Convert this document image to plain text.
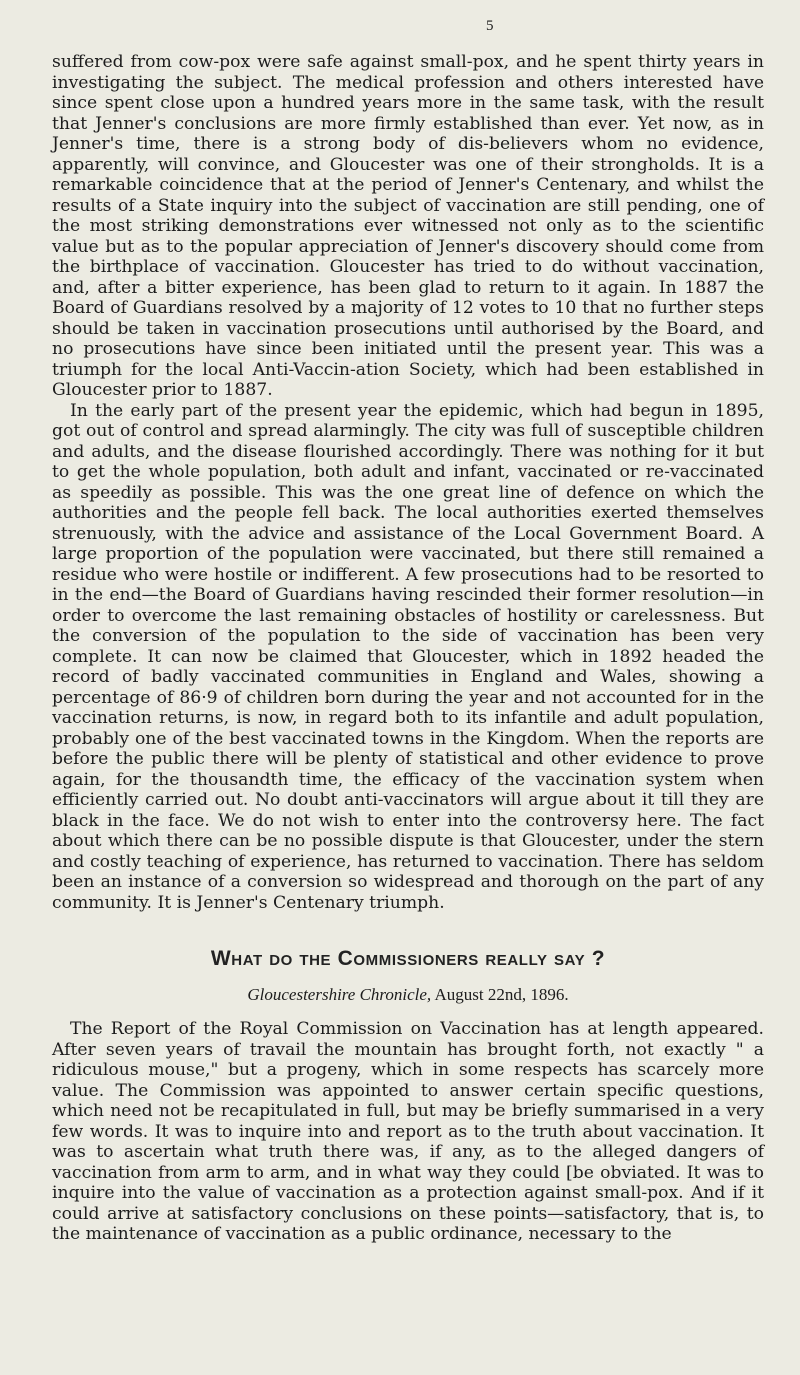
5

suffered from cow-pox were safe against small-pox, and he spent thirty years in investigating the subject. The medical profession and others interested have since spent close upon a hundred years more in the same task, with the result that Jenner's conclusions are more firmly established than ever. Yet now, as in Jenner's time, there is a strong body of dis-believers whom no evidence, apparently, will convince, and Gloucester was one of their strongholds. It is a remarkable coincidence that at the period of Jenner's Centenary, and whilst the results of a State inquiry into the subject of vaccination are still pending, one of the most striking demonstrations ever witnessed not only as to the scientific value but as to the popular appreciation of Jenner's discovery should come from the birthplace of vaccination. Gloucester has tried to do without vaccination, and, after a bitter experience, has been glad to return to it again. In 1887 the Board of Guardians resolved by a majority of 12 votes to 10 that no further steps should be taken in vaccination prosecutions until authorised by the Board, and no prosecutions have since been initiated until the present year. This was a triumph for the local Anti-Vaccin-ation Society, which had been established in Gloucester prior to 1887.

In the early part of the present year the epidemic, which had begun in 1895, got out of control and spread alarmingly. The city was full of susceptible children and adults, and the disease flourished accordingly. There was nothing for it but to get the whole population, both adult and infant, vaccinated or re-vaccinated as speedily as possible. This was the one great line of defence on which the authorities and the people fell back. The local authorities exerted themselves strenuously, with the advice and assistance of the Local Government Board. A large proportion of the population were vaccinated, but there still remained a residue who were hostile or indifferent. A few prosecutions had to be resorted to in the end—the Board of Guardians having rescinded their former resolution—in order to overcome the last remaining obstacles of hostility or carelessness. But the conversion of the population to the side of vaccination has been very complete. It can now be claimed that Gloucester, which in 1892 headed the record of badly vaccinated communities in England and Wales, showing a percentage of 86·9 of children born during the year and not accounted for in the vaccination returns, is now, in regard both to its infantile and adult population, probably one of the best vaccinated towns in the Kingdom. When the reports are before the public there will be plenty of statistical and other evidence to prove again, for the thousandth time, the efficacy of the vaccination system when efficiently carried out. No doubt anti-vaccinators will argue about it till they are black in the face. We do not wish to enter into the controversy here. The fact about which there can be no possible dispute is that Gloucester, under the stern and costly teaching of experience, has returned to vaccination. There has seldom been an instance of a conversion so widespread and thorough on the part of any community. It is Jenner's Centenary triumph.

What do the Commissioners really say ?

Gloucestershire Chronicle, August 22nd, 1896.

The Report of the Royal Commission on Vaccination has at length appeared. After seven years of travail the mountain has brought forth, not exactly " a ridiculous mouse," but a progeny, which in some respects has scarcely more value. The Commission was appointed to answer certain specific questions, which need not be recapitulated in full, but may be briefly summarised in a very few words. It was to inquire into and report as to the truth about vaccination. It was to ascertain what truth there was, if any, as to the alleged dangers of vaccination from arm to arm, and in what way they could [be obviated. It was to inquire into the value of vaccination as a protection against small-pox. And if it could arrive at satisfactory conclusions on these points—satisfactory, that is, to the maintenance of vaccination as a public ordinance, necessary to the
